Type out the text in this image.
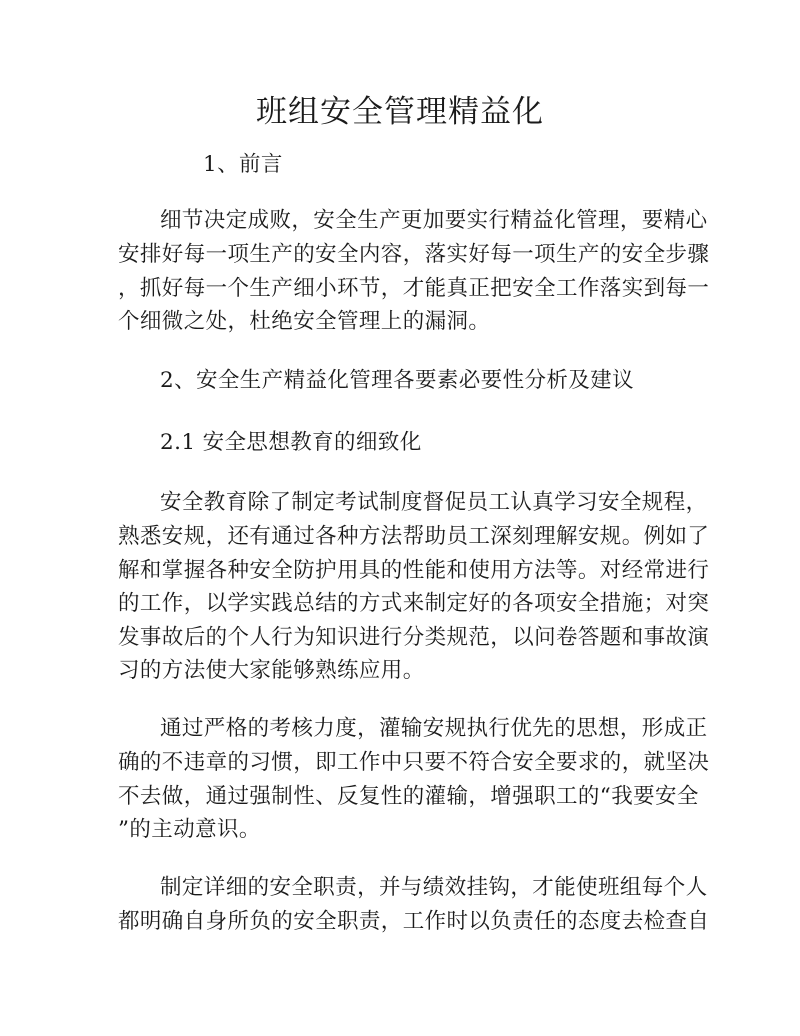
班组安全管理精益化
1、前言
细节决定成败，安全生产更加要实行精益化管理，要精心
安排好每一项生产的安全内容，落实好每一项生产的安全步骤
，抓好每一个生产细小环节，才能真正把安全工作落实到每一
个细微之处，杜绝安全管理上的漏洞。
2、安全生产精益化管理各要素必要性分析及建议
2.1 安全思想教育的细致化
安全教育除了制定考试制度督促员工认真学习安全规程，
熟悉安规，还有通过各种方法帮助员工深刻理解安规。例如了
解和掌握各种安全防护用具的性能和使用方法等。对经常进行
的工作，以学实践总结的方式来制定好的各项安全措施；对突
发事故后的个人行为知识进行分类规范，以问卷答题和事故演
习的方法使大家能够熟练应用。
通过严格的考核力度，灌输安规执行优先的思想，形成正
确的不违章的习惯，即工作中只要不符合安全要求的，就坚决
不去做，通过强制性、反复性的灌输，增强职工的“我要安全
”的主动意识。
制定详细的安全职责，并与绩效挂钩，才能使班组每个人
都明确自身所负的安全职责，工作时以负责任的态度去检查自
